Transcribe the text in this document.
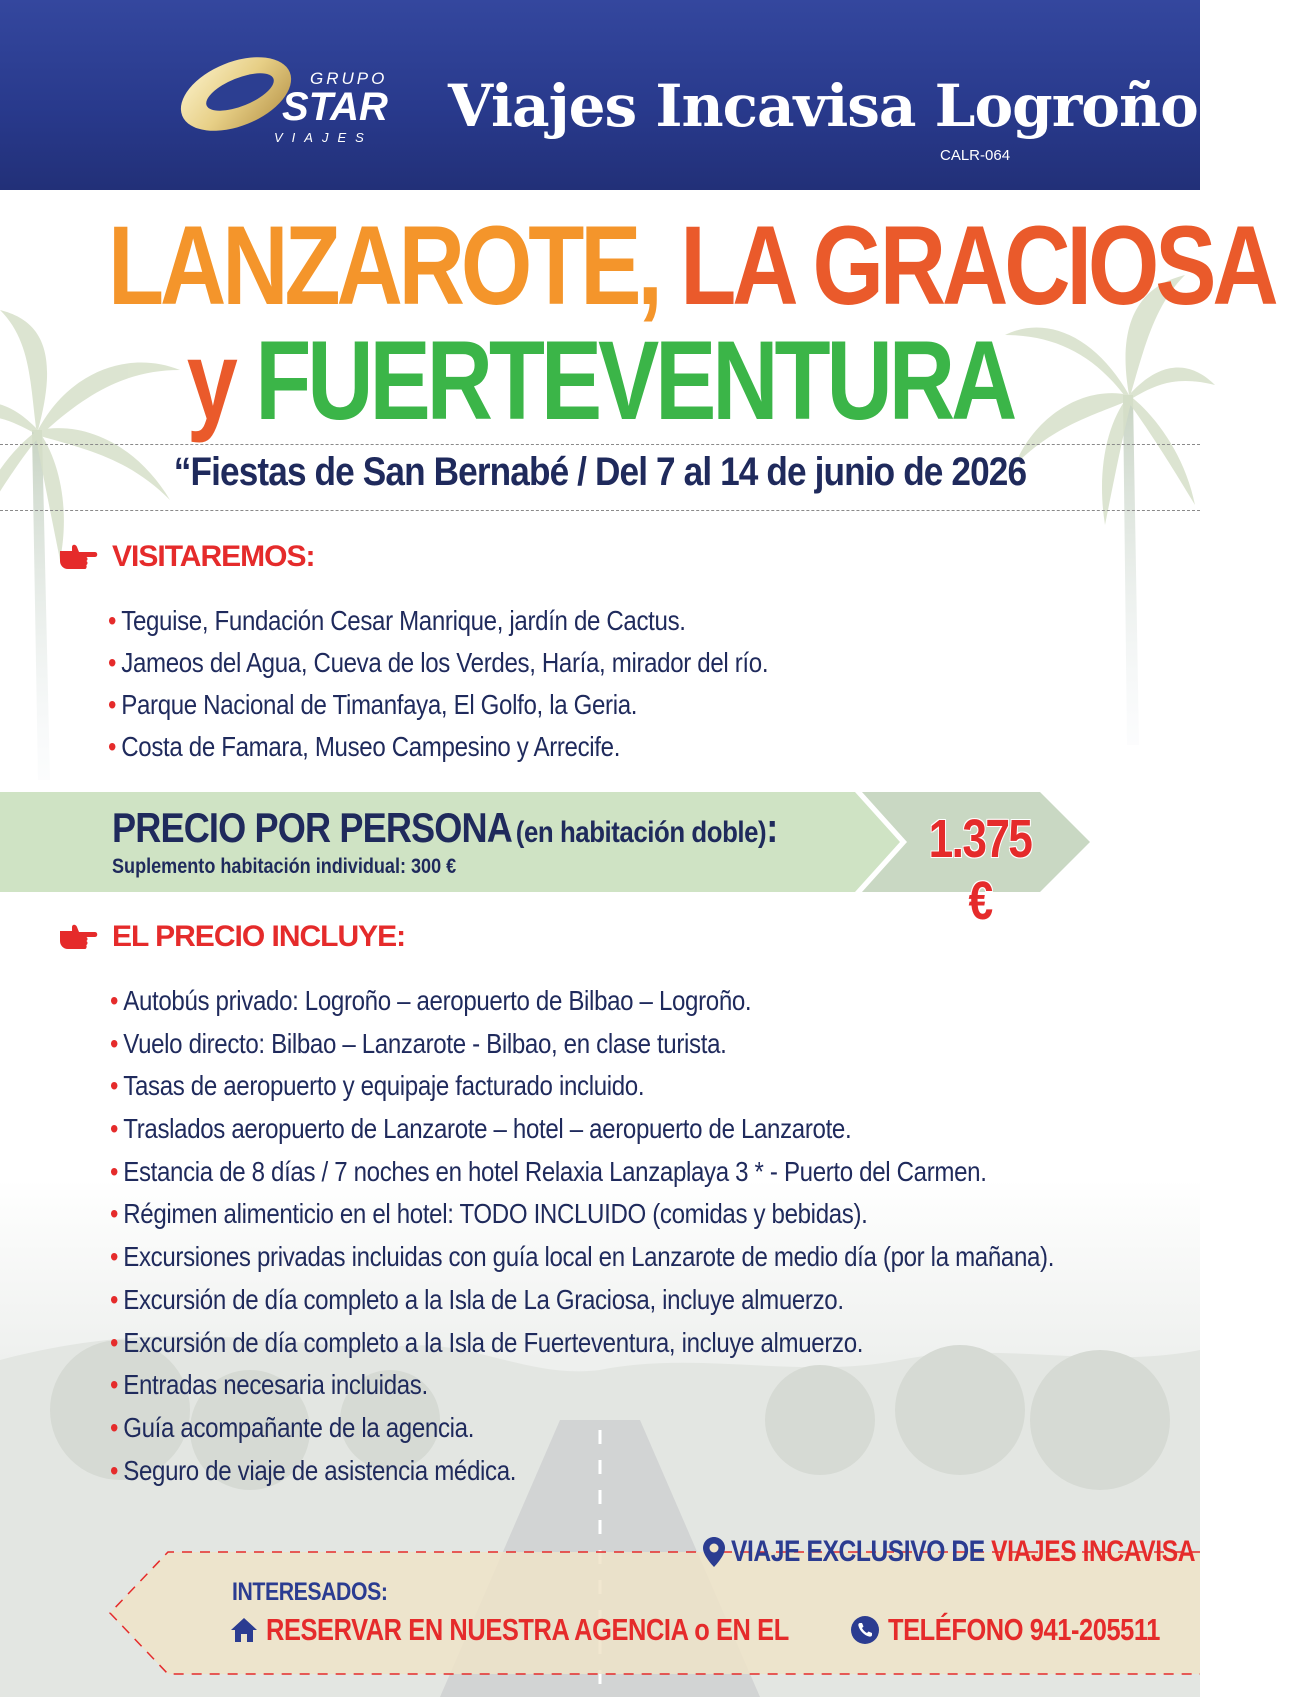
GRUPO
STAR
VIAJES Viajes Incavisa Logroño
CALR-064
LANZAROTE, LA GRACIOSA
y FUERTEVENTURA
“Fiestas de San Bernabé / Del 7 al 14 de junio de 2026
VISITAREMOS:
• Teguise, Fundación Cesar Manrique, jardín de Cactus.
• Jameos del Agua, Cueva de los Verdes, Haría, mirador del río.
• Parque Nacional de Timanfaya, El Golfo, la Geria.
• Costa de Famara, Museo Campesino y Arrecife.
PRECIO POR PERSONA (en habitación doble):
Suplemento habitación individual: 300 €	1.375 €
EL PRECIO INCLUYE:
• Autobús privado: Logroño – aeropuerto de Bilbao – Logroño.
• Vuelo directo: Bilbao – Lanzarote - Bilbao, en clase turista.
• Tasas de aeropuerto y equipaje facturado incluido.
• Traslados aeropuerto de Lanzarote – hotel – aeropuerto de Lanzarote.
• Estancia de 8 días / 7 noches en hotel Relaxia Lanzaplaya 3 * - Puerto del Carmen.
• Régimen alimenticio en el hotel: TODO INCLUIDO (comidas y bebidas).
• Excursiones privadas incluidas con guía local en Lanzarote de medio día (por la mañana).
• Excursión de día completo a la Isla de La Graciosa, incluye almuerzo.
• Excursión de día completo a la Isla de Fuerteventura, incluye almuerzo.
• Entradas necesaria incluidas.
• Guía acompañante de la agencia.
• Seguro de viaje de asistencia médica.
VIAJE EXCLUSIVO DE VIAJES INCAVISA
INTERESADOS:
RESERVAR EN NUESTRA AGENCIA o EN EL	TELÉFONO 941-205511
